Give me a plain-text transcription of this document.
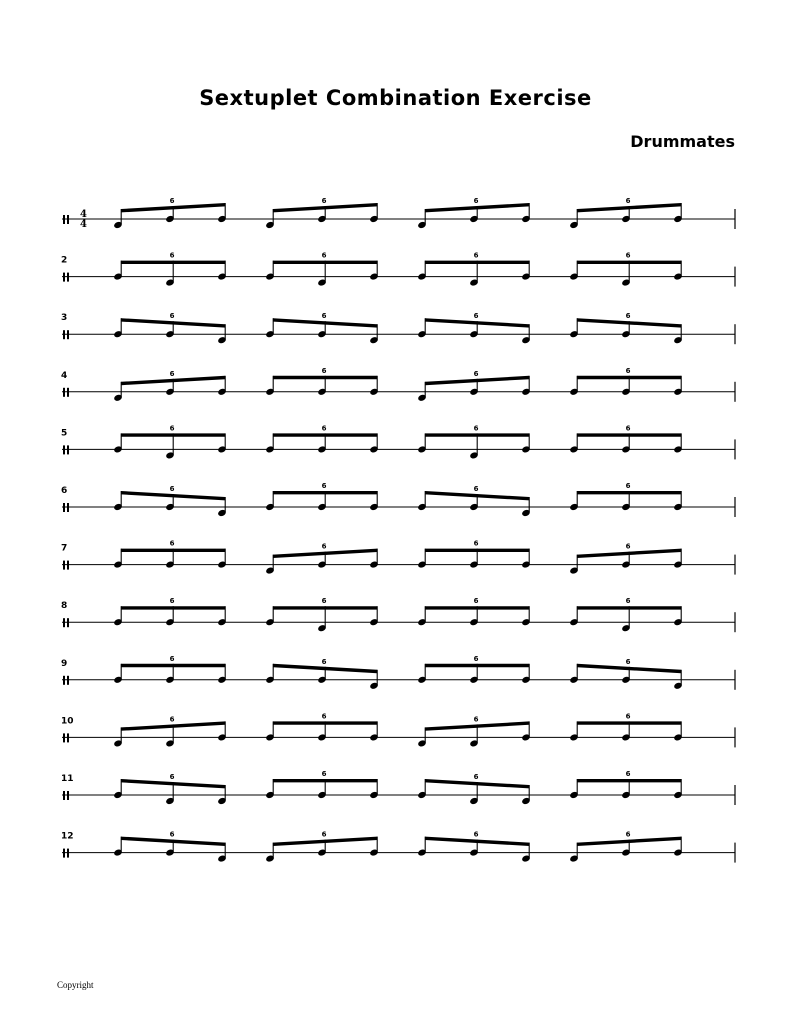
Sextuplet Combination Exercise
Drummates
4
4
6	6	6	6
2	6	6	6	6
3	6	6	6	6
4	6	6	6	6
5	6	6	6	6
6	6	6	6	6
7	6	6	6	6
8	6	6	6	6
9	6	6	6	6
10	6	6	6	6
11	6	6	6	6
12	6	6	6	6
Copyright
